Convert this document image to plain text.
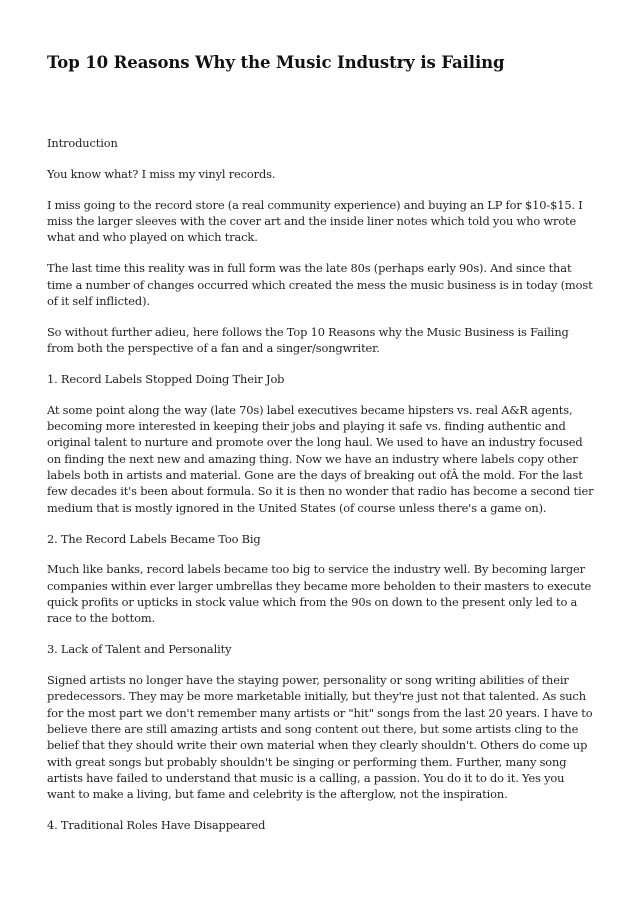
Top 10 Reasons Why the Music Industry is Failing

Introduction

You know what? I miss my vinyl records.

I miss going to the record store (a real community experience) and buying an LP for $10-$15. I miss the larger sleeves with the cover art and the inside liner notes which told you who wrote what and who played on which track.

The last time this reality was in full form was the late 80s (perhaps early 90s). And since that time a number of changes occurred which created the mess the music business is in today (most of it self inflicted).

So without further adieu, here follows the Top 10 Reasons why the Music Business is Failing from both the perspective of a fan and a singer/songwriter.

1. Record Labels Stopped Doing Their Job

At some point along the way (late 70s) label executives became hipsters vs. real A&R agents, becoming more interested in keeping their jobs and playing it safe vs. finding authentic and original talent to nurture and promote over the long haul. We used to have an industry focused on finding the next new and amazing thing. Now we have an industry where labels copy other labels both in artists and material. Gone are the days of breaking out ofÂ the mold. For the last few decades it's been about formula. So it is then no wonder that radio has become a second tier medium that is mostly ignored in the United States (of course unless there's a game on).

2. The Record Labels Became Too Big

Much like banks, record labels became too big to service the industry well. By becoming larger companies within ever larger umbrellas they became more beholden to their masters to execute quick profits or upticks in stock value which from the 90s on down to the present only led to a race to the bottom.

3. Lack of Talent and Personality

Signed artists no longer have the staying power, personality or song writing abilities of their predecessors. They may be more marketable initially, but they're just not that talented. As such for the most part we don't remember many artists or "hit" songs from the last 20 years. I have to believe there are still amazing artists and song content out there, but some artists cling to the belief that they should write their own material when they clearly shouldn't. Others do come up with great songs but probably shouldn't be singing or performing them. Further, many song artists have failed to understand that music is a calling, a passion. You do it to do it. Yes you want to make a living, but fame and celebrity is the afterglow, not the inspiration.

4. Traditional Roles Have Disappeared
